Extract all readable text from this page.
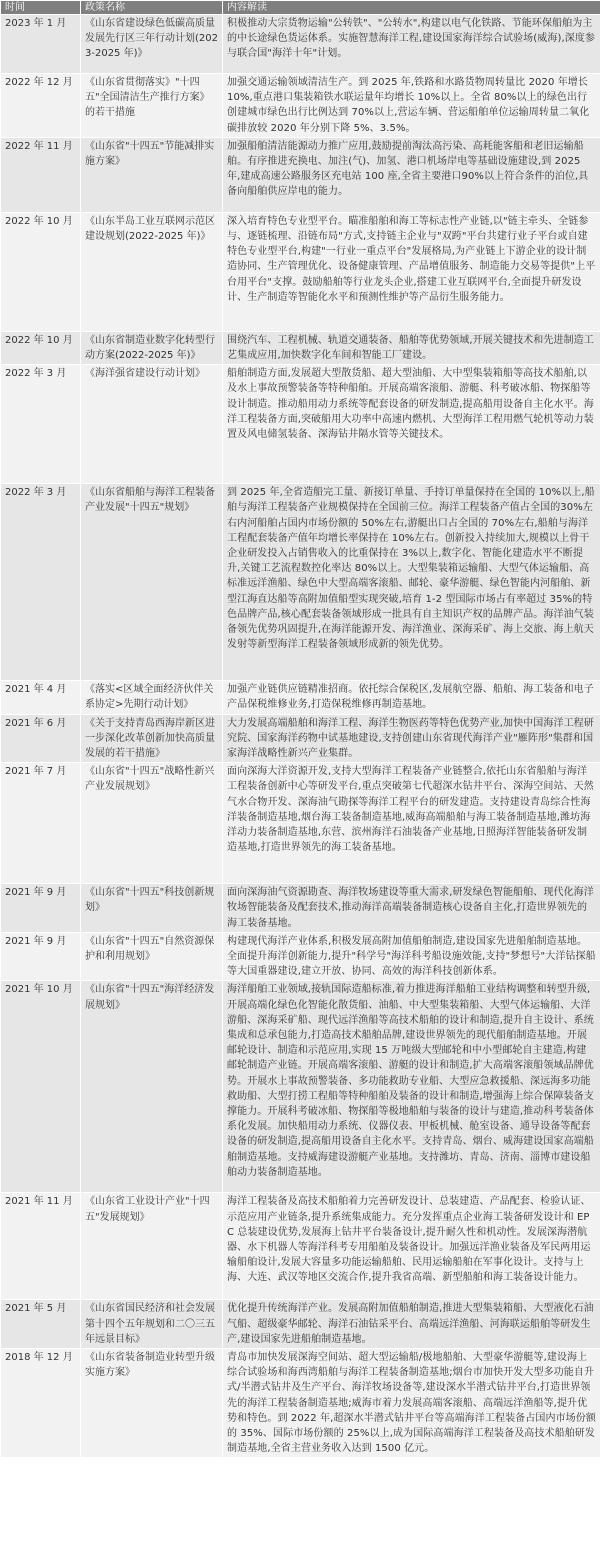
时间	政策名称	内容解读
2023 年 1 月	《山东省建设绿色低碳高质量发展先行区三年行动计划(2023-2025 年)》	积极推动大宗货物运输"公转铁"、"公转水",构建以电气化铁路、节能环保船舶为主的中长途绿色货运体系。实施智慧海洋工程,建设国家海洋综合试验场(威海),深度参与联合国"海洋十年"计划。
2022 年 12 月	《山东省贯彻落实》"十四五"全国清洁生产推行方案》的若干措施	加强交通运输领域清洁生产。到 2025 年,铁路和水路货物周转量比 2020 年增长 10%,重点港口集装箱铁水联运量年均增长 10%以上。全省 80%以上的绿色出行创建城市绿色出行比例达到 70%以上,营运车辆、营运船舶单位运输周转量二氧化碳排放较 2020 年分别下降 5%、3.5%。
2022 年 11 月	《山东省"十四五"节能减排实施方案》	加强船舶清洁能源动力推广应用,鼓励提前淘汰高污染、高耗能客船和老旧运输船舶。有序推进充换电、加注(气)、加氢、港口机场岸电等基础设施建设,到 2025 年,建成高速公路服务区充电站 100 座,全省主要港口90%以上符合条件的泊位,具备向船舶供应岸电的能力。
2022 年 10 月	《山东半岛工业互联网示范区建设规划(2022-2025 年)》	深入培育特色专业型平台。瞄准船舶和海工等标志性产业链,以"链主牵头、全链参与、逐链梳理、沿链布局"方式,支持链主企业与"双跨"平台共建行业子平台或自建特色专业型平台,构建"一行业一重点平台"发展格局,为产业链上下游企业的设计制造协同、生产管理优化、设备健康管理、产品增值服务、制造能力交易等提供"上平台用平台"支撑。鼓励船舶等行业龙头企业,搭建工业互联网平台,全面提升研发设计、生产制造等智能化水平和预测性维护等产品衍生服务能力。
2022 年 10 月	《山东省制造业数字化转型行动方案(2022-2025 年)》	围绕汽车、工程机械、轨道交通装备、船舶等优势领域,开展关键技术和先进制造工艺集成应用,加快数字化车间和智能工厂建设。
2022 年 3 月	《海洋强省建设行动计划》	船舶制造方面,发展超大型散货船、超大型油船、大中型集装箱船等高技术船舶,以及水上事故预警装备等特种船舶。开展高端客滚船、游艇、科考破冰船、物探船等设计制造。推动船用动力系统等配套设备的研发制造,提高船用设备自主化水平。海洋工程装备方面,突破船用大功率中高速内燃机、大型海洋工程用燃气轮机等动力装置及风电储氢装备、深海钻井隔水管等关键技术。
2022 年 3 月	《山东省船舶与海洋工程装备产业发展"十四五"规划》	到 2025 年,全省造船完工量、新接订单量、手持订单量保持在全国的 10%以上,船舶与海洋工程装备产业规模保持在全国前三位。海洋工程装备产值占全国的30%左右内河船舶占国内市场份额的 50%左右,游艇出口占全国的 70%左右,船舶与海洋工程配套装备产值年均增长率保持在 10%左右。创新投入持续加大,规模以上骨干企业研发投入占销售收入的比重保持在 3%以上,数字化、智能化建造水平不断提升,关键工艺流程数控化率达 80%以上。大型集装箱运输船、大型气体运输船、高标准远洋渔船、绿色中大型高端客滚船、邮轮、豪华游艇、绿色智能内河船舶、新型江海直达船等高附加值船型实现突破,培育 1-2 型国际市场占有率超过 35%的特色品牌产品,核心配套装备领域形成一批具有自主知识产权的品牌产品。海洋油气装备领先优势巩固提升,在海洋能源开发、海洋渔业、深海采矿、海上交旅、海上航天发射等新型海洋工程装备领域形成新的领先优势。
2021 年 4 月	《落实<区域全面经济伙伴关系协定>先期行动计划》	加强产业链供应链精准招商。依托综合保税区,发展航空器、船舶、海工装备和电子产品保税维修业务,打造保税维修再制造基地。
2021 年 6 月	《关于支持青岛西海岸新区进一步深化改革创新加快高质量发展的若干措施》	大力发展高端船舶和海洋工程、海洋生物医药等特色优势产业,加快中国海洋工程研究院、国家海洋药物中试基地建设,支持创建山东省现代海洋产业"雁阵形"集群和国家海洋战略性新兴产业集群。
2021 年 7 月	《山东省"十四五"战略性新兴产业发展规划》	面向深海大洋资源开发,支持大型海洋工程装备产业链整合,依托山东省船舶与海洋工程装备创新中心等研发平台,重点突破第七代超深水钻井平台、深海空间站、天然气水合物开发、深海油气勘探等海洋工程平台的研发建造。支持建设青岛综合性海洋装备制造基地,烟台海工装备制造基地,威海高端船舶与海工装备制造基地,潍坊海洋动力装备制造基地,东营、滨州海洋石油装备产业基地,日照海洋智能装备研发制造基地,打造世界领先的海工装备基地。
2021 年 9 月	《山东省"十四五"科技创新规划》	面向深海油气资源勘查、海洋牧场建设等重大需求,研发绿色智能船舶、现代化海洋牧场智能装备及配套技术,推动海洋高端装备制造核心设备自主化,打造世界领先的海工装备基地。
2021 年 9 月	《山东省"十四五"自然资源保护和利用规划》	构建现代海洋产业体系,积极发展高附加值船舶制造,建设国家先进船舶制造基地。全面提升海洋创新能力,提升"科学号"海洋科考船设施效能,支持"梦想号"大洋钻探船等大国重器建设,建立开放、协同、高效的海洋科技创新体系。
2021 年 10 月	《山东省"十四五"海洋经济发展规划》	海洋船舶工业领域,接轨国际造船标准,着力推进海洋船舶工业结构调整和转型升级,开展高端化绿色化智能化散货船、油船、中大型集装箱船、大型气体运输船、大洋游船、深海采矿船、现代远洋渔船等高技术船舶的设计和制造,提升自主设计、系统集成和总承包能力,打造高技术船舶品牌,建设世界领先的现代船舶制造基地。开展邮轮设计、制造和示范应用,实现 15 万吨级大型邮轮和中小型邮轮自主建造,构建邮轮制造产业链。开展高端客滚船、游艇的设计和制造,扩大高端客滚船领域品牌优势。开展水上事故预警装备、多功能救助专业船、大型应急救援船、深远海多功能救助船、大型打捞工程船等特种船舶及装备的设计和制造,增强海上综合保障装备支撑能力。开展科考破冰船、物探船等极地船舶与装备的设计与建造,推动科考装备体系化发展。加快船用动力系统、仪器仪表、甲板机械、舱室设备、通导设备等配套设备的研发制造,提高船用设备自主化水平。支持青岛、烟台、威海建设国家高端船舶制造基地。支持威海建设游艇产业基地。支持潍坊、青岛、济南、淄博市建设船舶动力装备制造基地。
2021 年 11 月	《山东省工业设计产业"十四五"发展规划》	海洋工程装备及高技术船舶着力完善研发设计、总装建造、产品配套、检验认证、示范应用产业链条,提升系统集成能力。充分发挥重点企业海工装备研发设计和 EPC 总装建设优势,发展海上钻井平台装备设计,提升耐久性和机动性。发展深海潜航器、水下机器人等海洋科考专用船舶及装备设计。加强远洋渔业装备及军民两用运输船舶设计,发展大容量多功能运输船舶、民用运输船舶在军事化设计。支持与上海、大连、武汉等地区交流合作,提升我省高端、新型船舶和海工装备设计能力。
2021 年 5 月	《山东省国民经济和社会发展第十四个五年规划和二〇三五年远景目标》	优化提升传统海洋产业。发展高附加值船舶制造,推进大型集装箱船、大型液化石油气船、超级豪华邮轮、海洋石油钻采平台、高端远洋渔船、河海联运船舶等研发生产,建设国家先进船舶制造基地。
2018 年 12 月	《山东省装备制造业转型升级实施方案》	青岛市加快发展深海空间站、超大型运输船/极地船舶、大型豪华游艇等,建设海上综合试验场和海西湾船舶与海洋工程装备制造基地;烟台市加快开发大型多功能自升式/半潜式钻井及生产平台、海洋牧场设备等,建设深水半潜式钻井平台,打造世界领先的海洋工程装备制造基地;威海市着力发展高端客滚船、高端远洋渔船等,提升优势和特色。到 2022 年,超深水半潜式钻井平台等高端海洋工程装备占国内市场份额的 35%、国际市场份额的 25%以上,成为国际高端海洋工程装备及高技术船舶研发制造基地,全省主营业务收入达到 1500 亿元。
